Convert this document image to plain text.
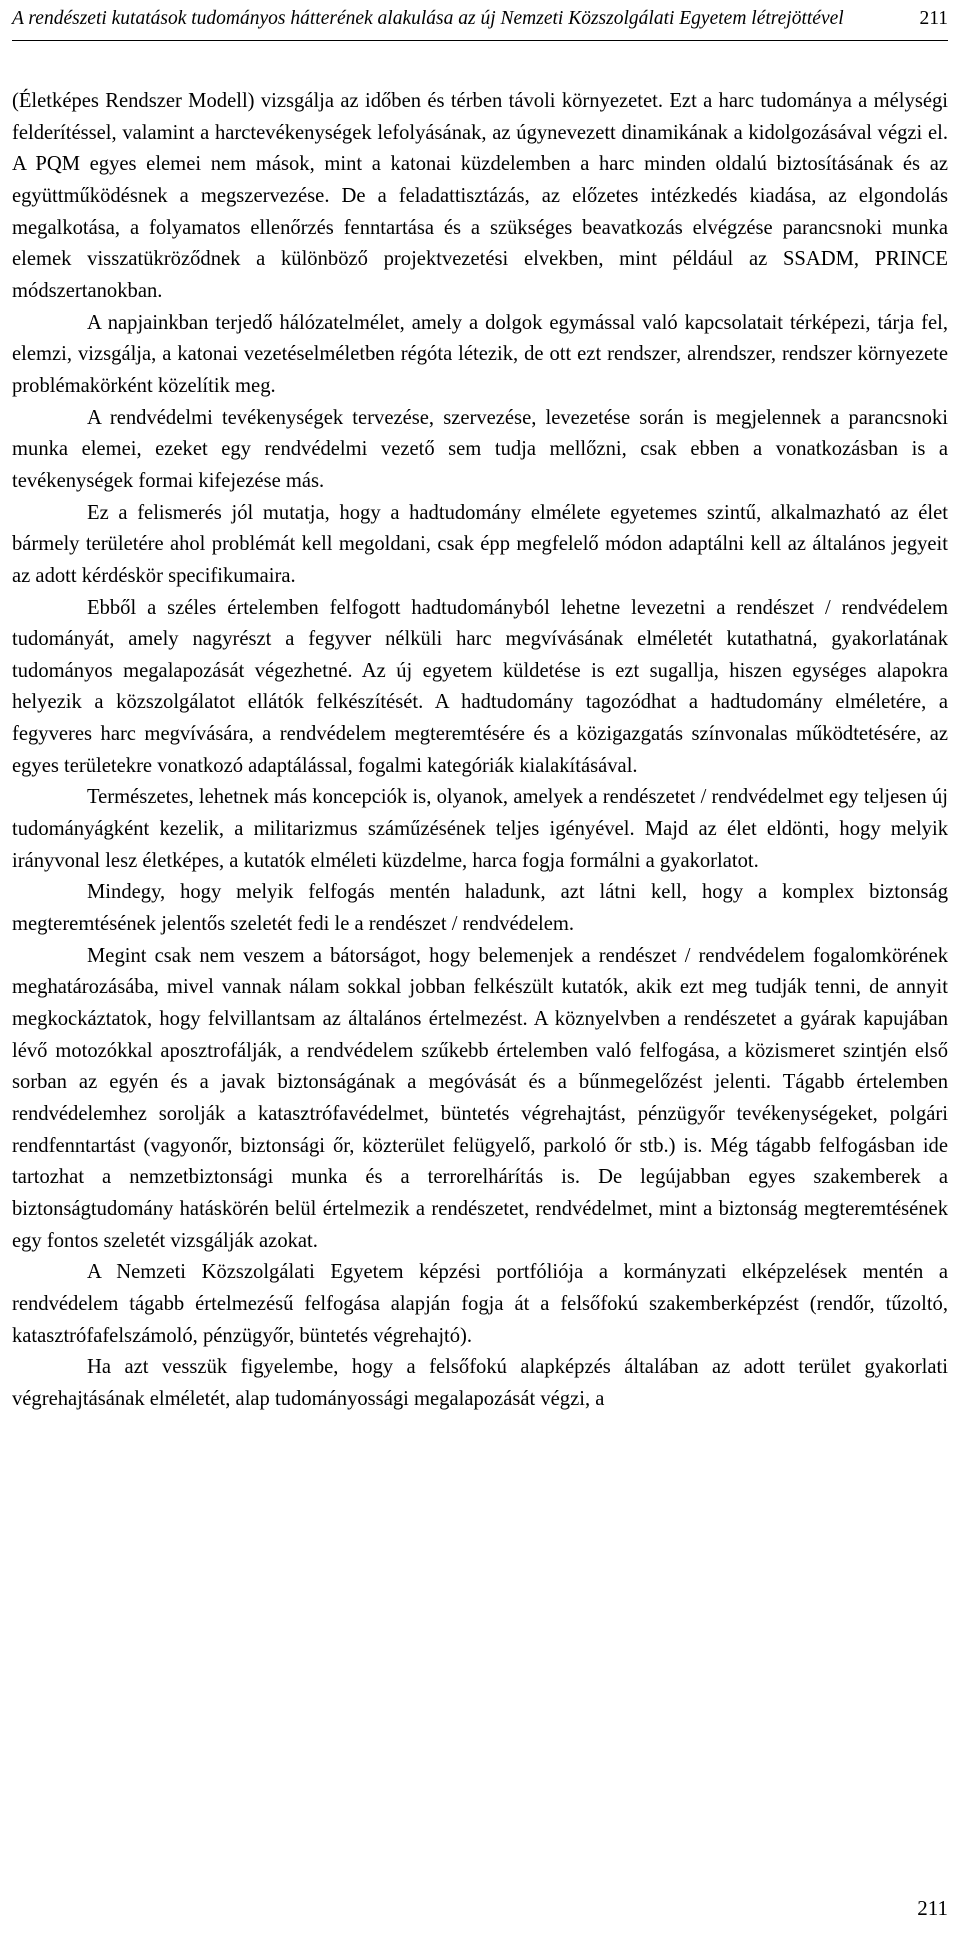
A rendészeti kutatások tudományos hátterének alakulása az új Nemzeti Közszolgálati Egyetem létrejöttével	211

(Életképes Rendszer Modell) vizsgálja az időben és térben távoli környezetet. Ezt a harc tudománya a mélységi felderítéssel, valamint a harctevékenységek lefolyásának, az úgynevezett dinamikának a kidolgozásával végzi el. A PQM egyes elemei nem mások, mint a katonai küzdelemben a harc minden oldalú biztosításának és az együttműködésnek a megszervezése. De a feladattisztázás, az előzetes intézkedés kiadása, az elgondolás megalkotása, a folyamatos ellenőrzés fenntartása és a szükséges beavatkozás elvégzése parancsnoki munka elemek visszatükröződnek a különböző projektvezetési elvekben, mint például az SSADM, PRINCE módszertanokban.

A napjainkban terjedő hálózatelmélet, amely a dolgok egymással való kapcsolatait térképezi, tárja fel, elemzi, vizsgálja, a katonai vezetéselméletben régóta létezik, de ott ezt rendszer, alrendszer, rendszer környezete problémakörként közelítik meg.

A rendvédelmi tevékenységek tervezése, szervezése, levezetése során is megjelennek a parancsnoki munka elemei, ezeket egy rendvédelmi vezető sem tudja mellőzni, csak ebben a vonatkozásban is a tevékenységek formai kifejezése más.

Ez a felismerés jól mutatja, hogy a hadtudomány elmélete egyetemes szintű, alkalmazható az élet bármely területére ahol problémát kell megoldani, csak épp megfelelő módon adaptálni kell az általános jegyeit az adott kérdéskör specifikumaira.

Ebből a széles értelemben felfogott hadtudományból lehetne levezetni a rendészet / rendvédelem tudományát, amely nagyrészt a fegyver nélküli harc megvívásának elméletét kutathatná, gyakorlatának tudományos megalapozását végezhetné. Az új egyetem küldetése is ezt sugallja, hiszen egységes alapokra helyezik a közszolgálatot ellátók felkészítését. A hadtudomány tagozódhat a hadtudomány elméletére, a fegyveres harc megvívására, a rendvédelem megteremtésére és a közigazgatás színvonalas működtetésére, az egyes területekre vonatkozó adaptálással, fogalmi kategóriák kialakításával.

Természetes, lehetnek más koncepciók is, olyanok, amelyek a rendészetet / rendvédelmet egy teljesen új tudományágként kezelik, a militarizmus száműzésének teljes igényével. Majd az élet eldönti, hogy melyik irányvonal lesz életképes, a kutatók elméleti küzdelme, harca fogja formálni a gyakorlatot.

Mindegy, hogy melyik felfogás mentén haladunk, azt látni kell, hogy a komplex biztonság megteremtésének jelentős szeletét fedi le a rendészet / rendvédelem.

Megint csak nem veszem a bátorságot, hogy belemenjek a rendészet / rendvédelem fogalomkörének meghatározásába, mivel vannak nálam sokkal jobban felkészült kutatók, akik ezt meg tudják tenni, de annyit megkockáztatok, hogy felvillantsam az általános értelmezést. A köznyelvben a rendészetet a gyárak kapujában lévő motozókkal aposztrofálják, a rendvédelem szűkebb értelemben való felfogása, a közismeret szintjén első sorban az egyén és a javak biztonságának a megóvását és a bűnmegelőzést jelenti. Tágabb értelemben rendvédelemhez sorolják a katasztrófavédelmet, büntetés végrehajtást, pénzügyőr tevékenységeket, polgári rendfenntartást (vagyonőr, biztonsági őr, közterület felügyelő, parkoló őr stb.) is. Még tágabb felfogásban ide tartozhat a nemzetbiztonsági munka és a terrorelhárítás is. De legújabban egyes szakemberek a biztonságtudomány hatáskörén belül értelmezik a rendészetet, rendvédelmet, mint a biztonság megteremtésének egy fontos szeletét vizsgálják azokat.

A Nemzeti Közszolgálati Egyetem képzési portfóliója a kormányzati elképzelések mentén a rendvédelem tágabb értelmezésű felfogása alapján fogja át a felsőfokú szakemberképzést (rendőr, tűzoltó, katasztrófafelszámoló, pénzügyőr, büntetés végrehajtó).

Ha azt vesszük figyelembe, hogy a felsőfokú alapképzés általában az adott terület gyakorlati végrehajtásának elméletét, alap tudományossági megalapozását végzi, a

211
